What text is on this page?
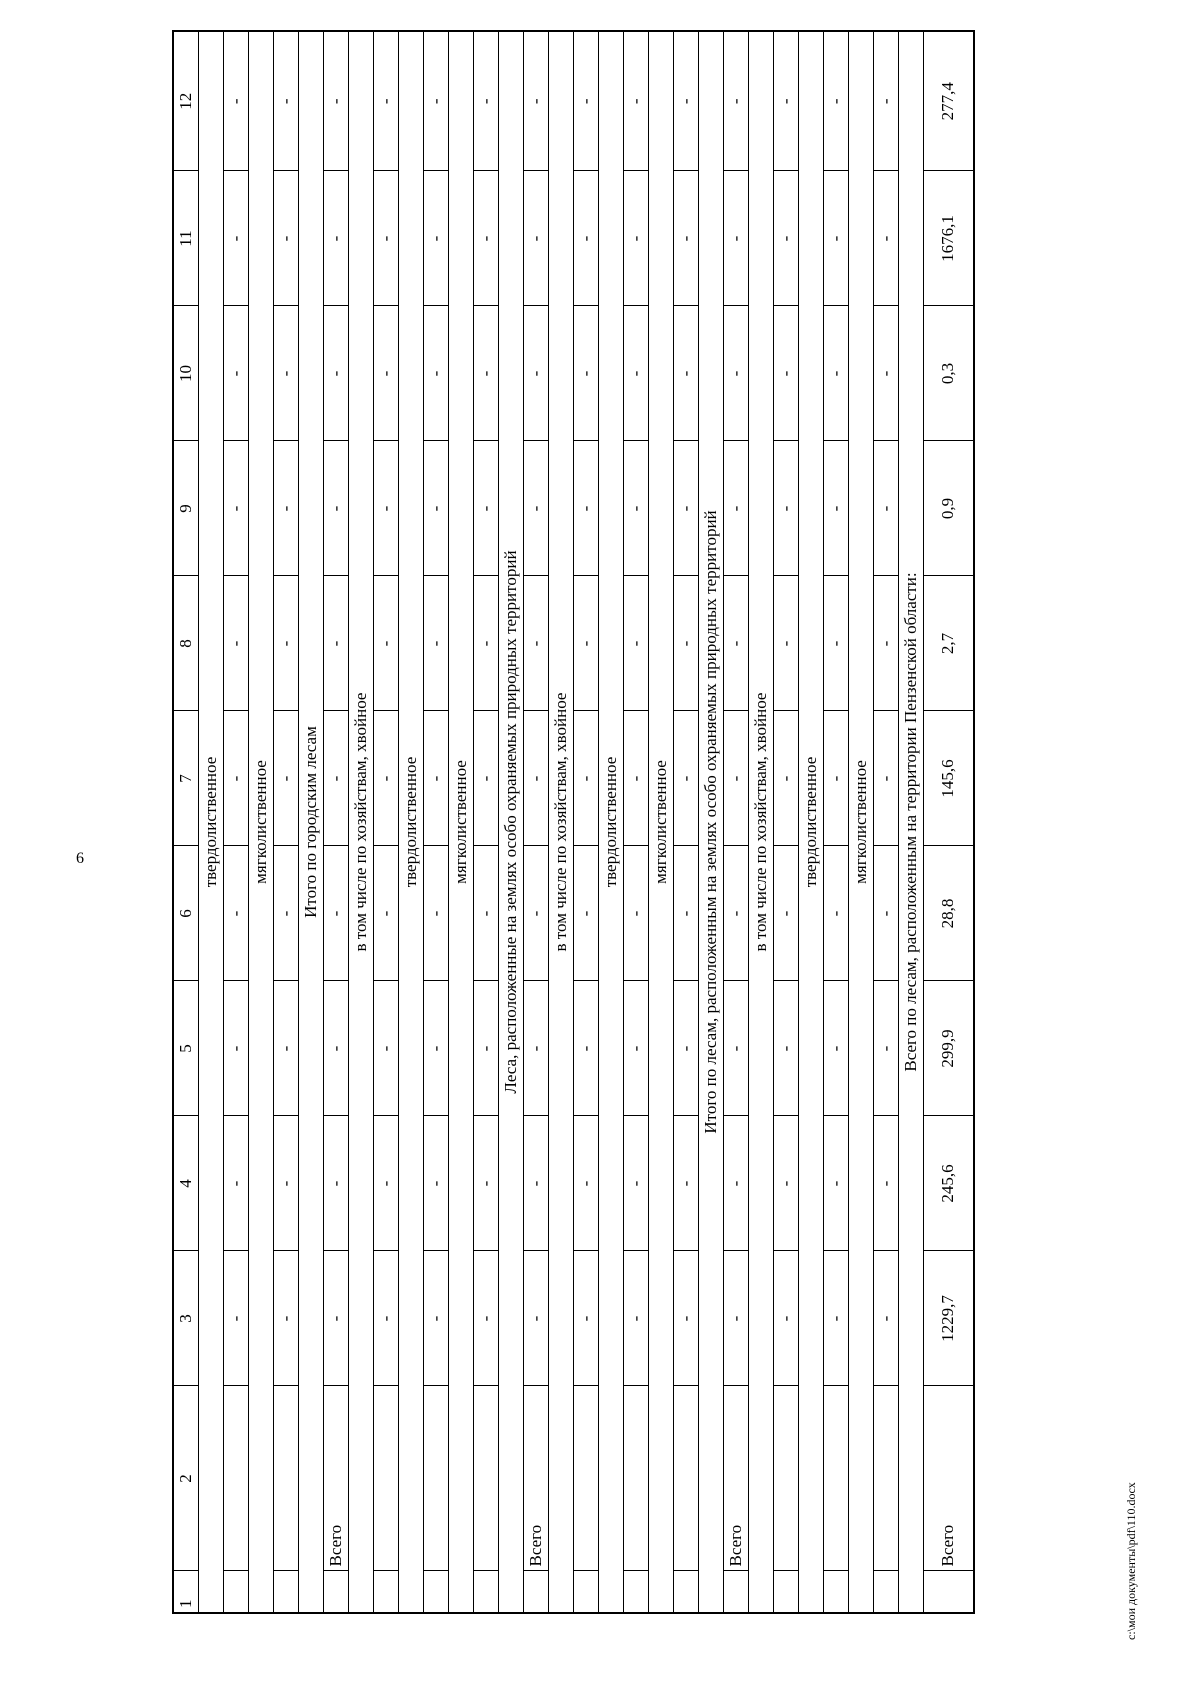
6
1	2	3	4	5	6	7	8	9	10	11	12
твердолиственное											
		-	-	-	-	-	-	-	-	-	-
мягколиственное											
		-	-	-	-	-	-	-	-	-	-
Итого по городским лесам											
	Всего	-	-	-	-	-	-	-	-	-	-
в том числе по хозяйствам, хвойное											
		-	-	-	-	-	-	-	-	-	-
твердолиственное											
		-	-	-	-	-	-	-	-	-	-
мягколиственное											
		-	-	-	-	-	-	-	-	-	-
Леса, расположенные на землях особо охраняемых природных территорий											
	Всего	-	-	-	-	-	-	-	-	-	-
в том числе по хозяйствам, хвойное											
		-	-	-	-	-	-	-	-	-	-
твердолиственное											
		-	-	-	-	-	-	-	-	-	-
мягколиственное											
		-	-	-	-	-	-	-	-	-	-
Итого по лесам, расположенным на землях особо охраняемых природных территорий											
	Всего	-	-	-	-	-	-	-	-	-	-
в том числе по хозяйствам, хвойное											
		-	-	-	-	-	-	-	-	-	-
твердолиственное											
		-	-	-	-	-	-	-	-	-	-
мягколиственное											
		-	-	-	-	-	-	-	-	-	-
Всего по лесам, расположенным на территории Пензенской области:											
	Всего	1229,7	245,6	299,9	28,8	145,6	2,7	0,9	0,3	1676,1	277,4
c:\мои документы\pdf\110.docx
